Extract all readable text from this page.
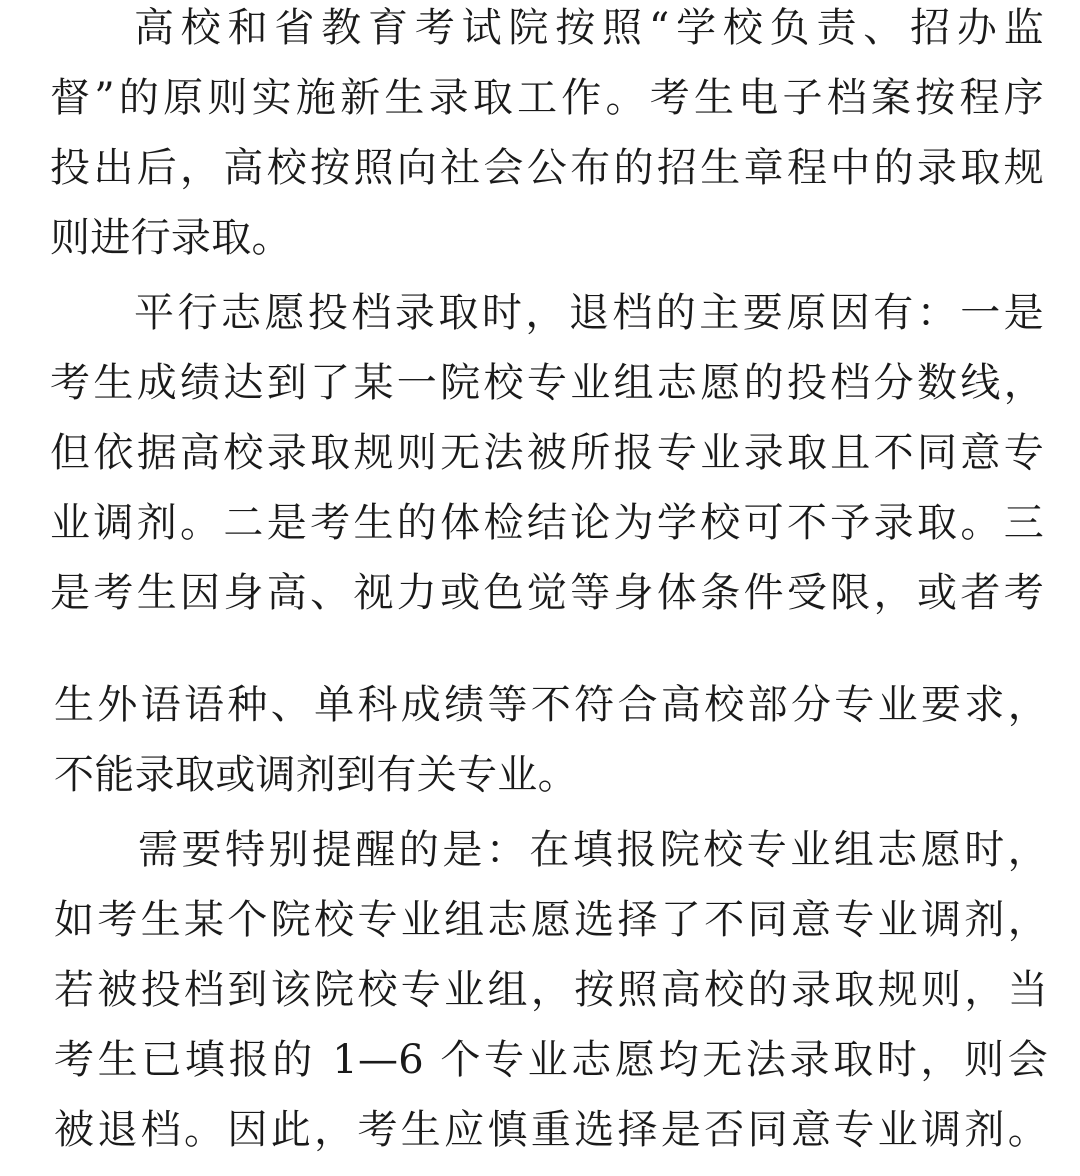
高校和省教育考试院按照“学校负责、招办监
督”的原则实施新生录取工作。考生电子档案按程序
投出后，高校按照向社会公布的招生章程中的录取规
则进行录取。
平行志愿投档录取时，退档的主要原因有：一是
考生成绩达到了某一院校专业组志愿的投档分数线，
但依据高校录取规则无法被所报专业录取且不同意专
业调剂。二是考生的体检结论为学校可不予录取。三
是考生因身高、视力或色觉等身体条件受限，或者考
生外语语种、单科成绩等不符合高校部分专业要求，
不能录取或调剂到有关专业。
需要特别提醒的是：在填报院校专业组志愿时，
如考生某个院校专业组志愿选择了不同意专业调剂，
若被投档到该院校专业组，按照高校的录取规则，当
考生已填报的 1—6 个专业志愿均无法录取时，则会
被退档。因此，考生应慎重选择是否同意专业调剂。
